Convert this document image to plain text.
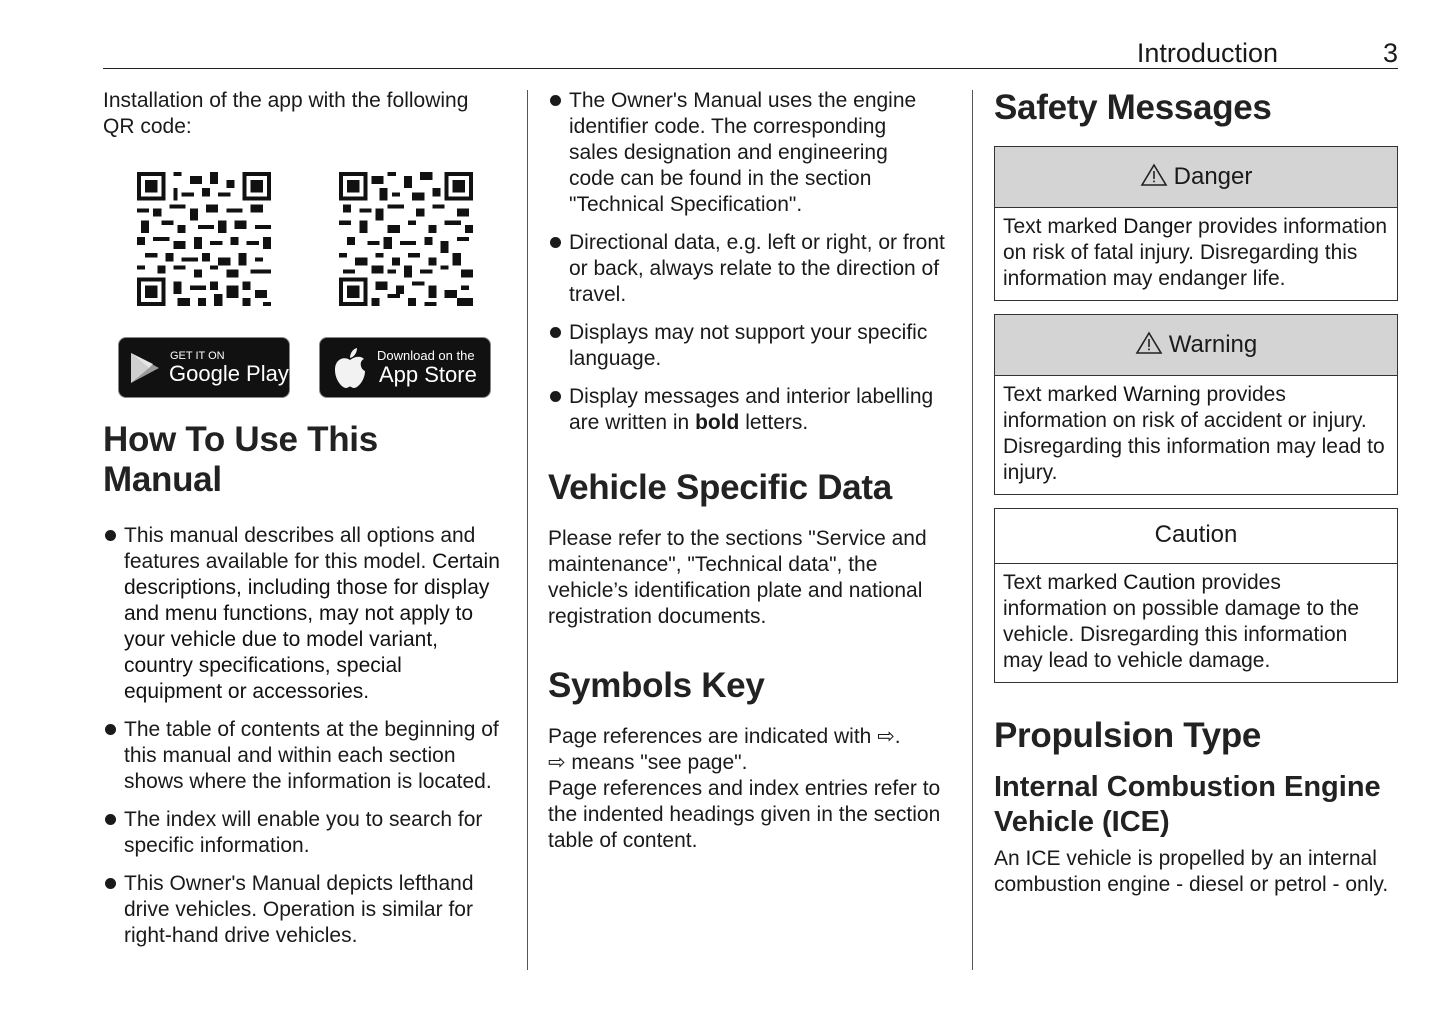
Introduction	3

Installation of the app with the following QR code:

GET IT ON
Google Play
Download on the
App Store
How To Use This Manual
This manual describes all options and features available for this model. Certain descriptions, including those for display and menu functions, may not apply to your vehicle due to model variant, country specifications, special equipment or accessories.
The table of contents at the beginning of this manual and within each section shows where the information is located.
The index will enable you to search for specific information.
This Owner's Manual depicts lefthand drive vehicles. Operation is similar for right-hand drive vehicles.
The Owner's Manual uses the engine identifier code. The corresponding sales designation and engineering code can be found in the section "Technical Specification".
Directional data, e.g. left or right, or front or back, always relate to the direction of travel.
Displays may not support your specific language.
Display messages and interior labelling are written in bold letters.
Vehicle Specific Data

Please refer to the sections "Service and maintenance", "Technical data", the vehicle’s identification plate and national registration documents.

Symbols Key

Page references are indicated with ⇨.

⇨ means "see page".

Page references and index entries refer to the indented headings given in the section table of content.

Safety Messages
Danger
Text marked Danger provides information on risk of fatal injury. Disregarding this information may endanger life.
Warning
Text marked Warning provides information on risk of accident or injury. Disregarding this information may lead to injury.
Caution
Text marked Caution provides information on possible damage to the vehicle. Disregarding this information may lead to vehicle damage.
Propulsion Type
Internal Combustion Engine Vehicle (ICE)

An ICE vehicle is propelled by an internal combustion engine - diesel or petrol - only.
